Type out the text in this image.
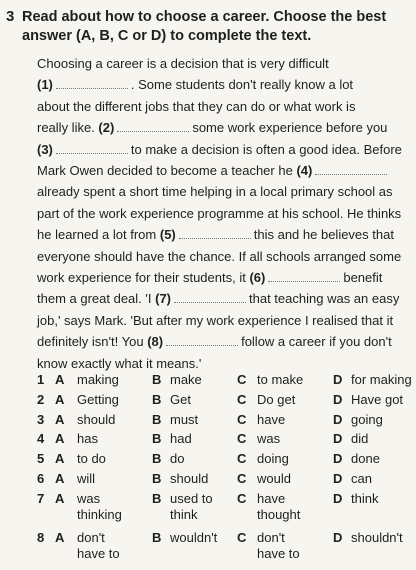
3 Read about how to choose a career. Choose the best answer (A, B, C or D) to complete the text.
Choosing a career is a decision that is very difficult
(1)	. Some students don't really know a lot
about the different jobs that they can do or what work is
really like. (2)	some work experience before you
(3)	to make a decision is often a good idea. Before
Mark Owen decided to become a teacher he (4)
already spent a short time helping in a local primary school as
part of the work experience programme at his school. He thinks
he learned a lot from (5)	this and he believes that
everyone should have the chance. If all schools arranged some
work experience for their students, it (6)	benefit
them a great deal. 'I (7)	that teaching was an easy
job,' says Mark. 'But after my work experience I realised that it
definitely isn't! You (8)	follow a career if you don't
know exactly what it means.'
1 A making	B make	C to make D for making
2 A Getting	B Get	C Do get	D Have got
3 A should	B must	C have	D going
4 A has	B had	C was	D did
5 A to do	B do	C doing	D done
6 A will	B should C would	D can
7 A was
thinking
B used to
think
C have
thought
D think
8 A don't
have to
B wouldn't C don't
have to
D shouldn't
